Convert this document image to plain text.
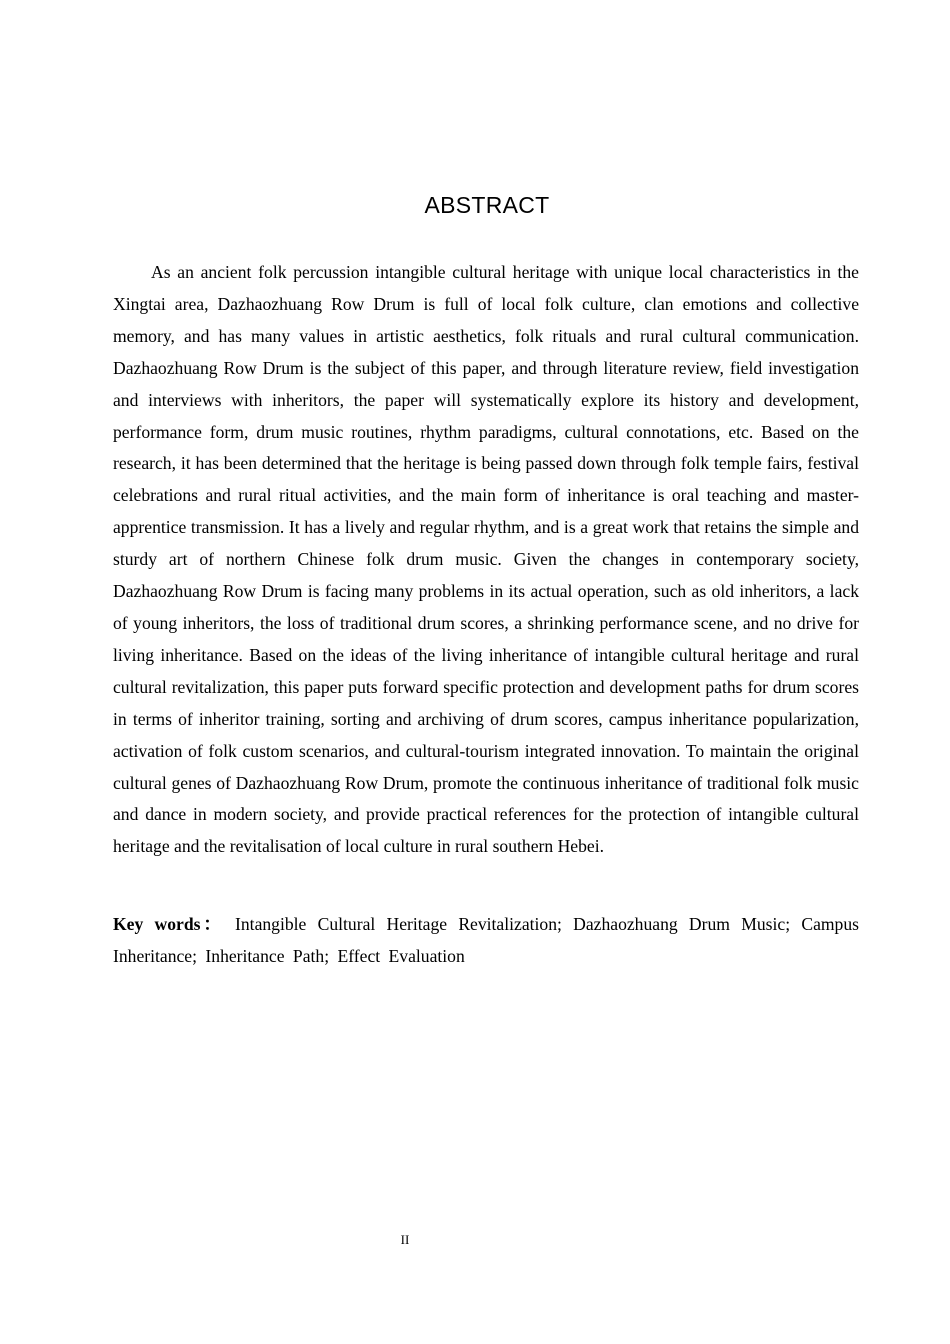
ABSTRACT

As an ancient folk percussion intangible cultural heritage with unique local characteristics in the Xingtai area, Dazhaozhuang Row Drum is full of local folk culture, clan emotions and collective memory, and has many values in artistic aesthetics, folk rituals and rural cultural communication. Dazhaozhuang Row Drum is the subject of this paper, and through literature review, field investigation and interviews with inheritors, the paper will systematically explore its history and development, performance form, drum music routines, rhythm paradigms, cultural connotations, etc. Based on the research, it has been determined that the heritage is being passed down through folk temple fairs, festival celebrations and rural ritual activities, and the main form of inheritance is oral teaching and master-apprentice transmission. It has a lively and regular rhythm, and is a great work that retains the simple and sturdy art of northern Chinese folk drum music. Given the changes in contemporary society, Dazhaozhuang Row Drum is facing many problems in its actual operation, such as old inheritors, a lack of young inheritors, the loss of traditional drum scores, a shrinking performance scene, and no drive for living inheritance. Based on the ideas of the living inheritance of intangible cultural heritage and rural cultural revitalization, this paper puts forward specific protection and development paths for drum scores in terms of inheritor training, sorting and archiving of drum scores, campus inheritance popularization, activation of folk custom scenarios, and cultural-tourism integrated innovation. To maintain the original cultural genes of Dazhaozhuang Row Drum, promote the continuous inheritance of traditional folk music and dance in modern society, and provide practical references for the protection of intangible cultural heritage and the revitalisation of local culture in rural southern Hebei.

Key words： Intangible Cultural Heritage Revitalization; Dazhaozhuang Drum Music; Campus Inheritance; Inheritance Path; Effect Evaluation

II
